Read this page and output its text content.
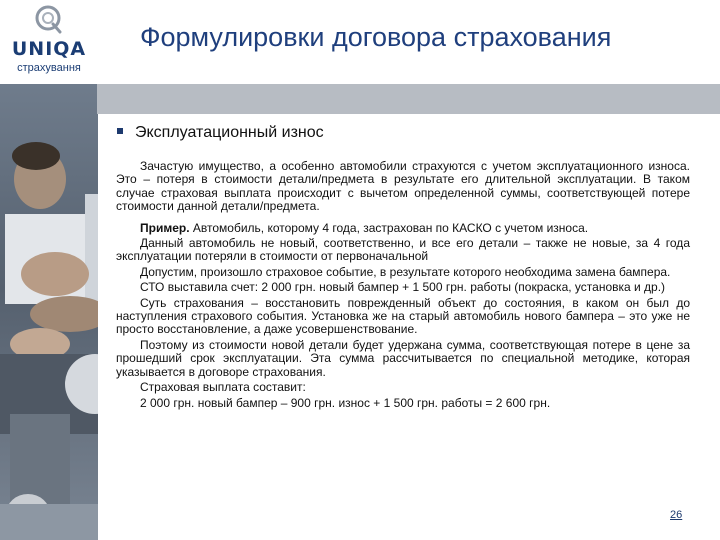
UNIQA
страхування
Формулировки договора страхования
Эксплуатационный износ

Зачастую имущество, а особенно автомобили страхуются с учетом эксплуатационного износа. Это – потеря в стоимости детали/предмета в результате его длительной эксплуатации. В таком случае страховая выплата происходит с вычетом определенной суммы, соответствующей потере стоимости данной детали/предмета.

Пример. Автомобиль, которому 4 года, застрахован по КАСКО с учетом износа.

Данный автомобиль не новый, соответственно, и все его детали – также не новые, за 4 года эксплуатации потеряли в стоимости от первоначальной

Допустим, произошло страховое событие, в результате которого необходима замена бампера.

СТО выставила счет: 2 000 грн. новый бампер + 1 500 грн. работы (покраска, установка и др.)

Суть страхования – восстановить поврежденный объект до состояния, в каком он был до наступления страхового события. Установка же на старый автомобиль нового бампера – это уже не просто восстановление, а даже усовершенствование.

Поэтому из стоимости новой детали будет удержана сумма, соответствующая потере в цене за прошедший срок эксплуатации. Эта сумма рассчитывается по специальной методике, которая указывается в договоре страхования.

Страховая выплата составит:

2 000 грн. новый бампер – 900 грн. износ + 1 500 грн. работы = 2 600 грн.

26
